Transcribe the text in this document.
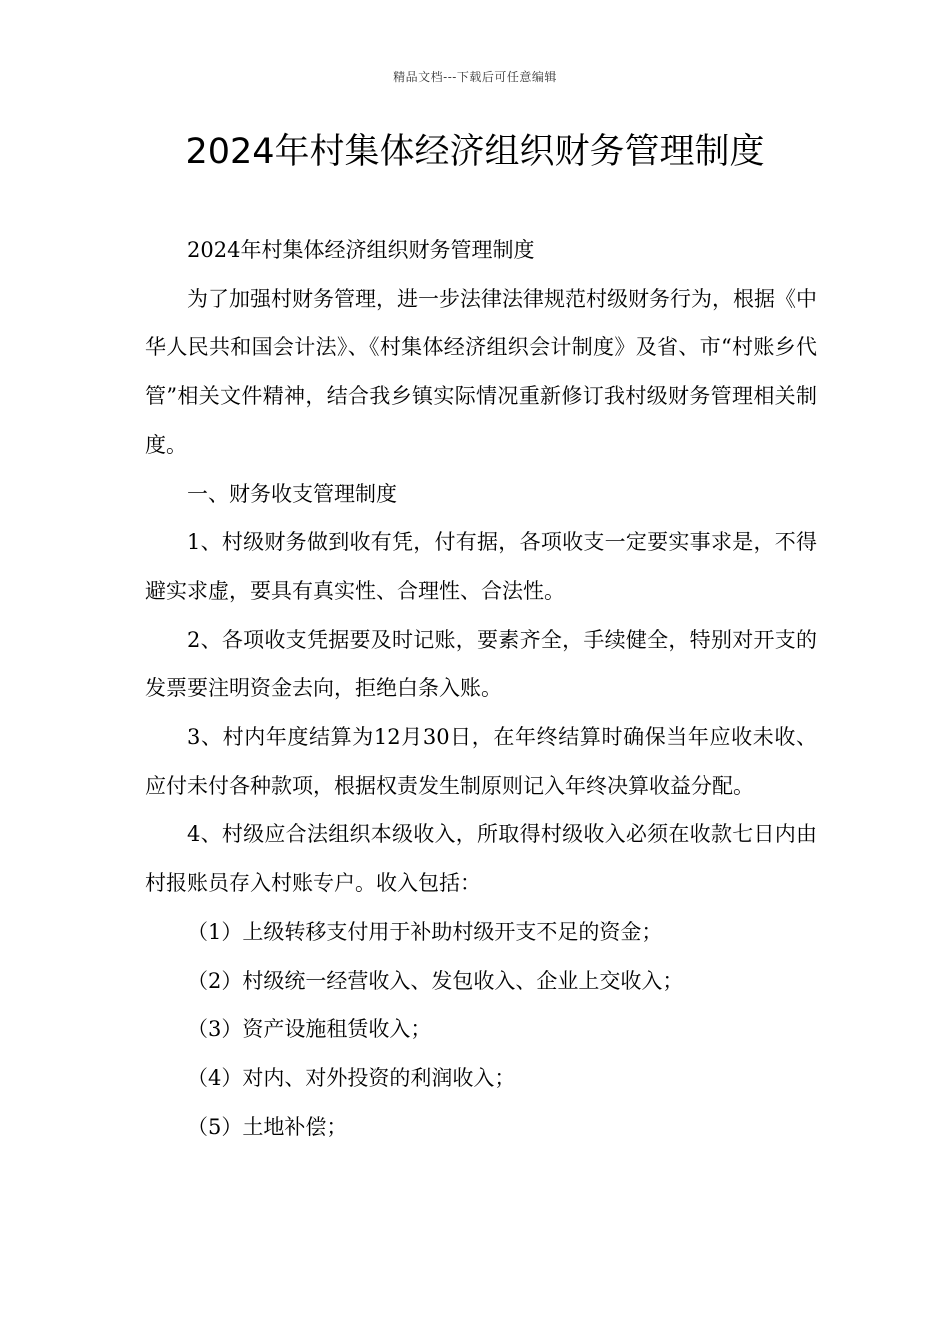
精品文档---下载后可任意编辑
2024年村集体经济组织财务管理制度

2024年村集体经济组织财务管理制度

为了加强村财务管理，进一步法律法律规范村级财务行为，根据《中华人民共和国会计法》、《村集体经济组织会计制度》及省、市“村账乡代管”相关文件精神，结合我乡镇实际情况重新修订我村级财务管理相关制度。

一、财务收支管理制度

1、村级财务做到收有凭，付有据，各项收支一定要实事求是，不得避实求虚，要具有真实性、合理性、合法性。

2、各项收支凭据要及时记账，要素齐全，手续健全，特别对开支的发票要注明资金去向，拒绝白条入账。

3、村内年度结算为12月30日，在年终结算时确保当年应收未收、应付未付各种款项，根据权责发生制原则记入年终决算收益分配。

4、村级应合法组织本级收入，所取得村级收入必须在收款七日内由村报账员存入村账专户。收入包括：

（1）上级转移支付用于补助村级开支不足的资金；

（2）村级统一经营收入、发包收入、企业上交收入；

（3）资产设施租赁收入；

（4）对内、对外投资的利润收入；

（5）土地补偿；
